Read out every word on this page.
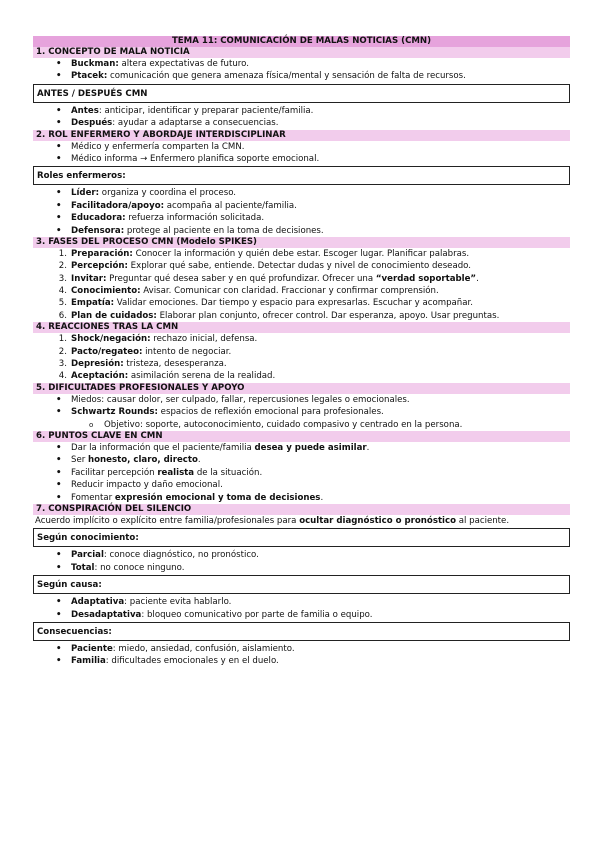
TEMA 11: COMUNICACIÓN DE MALAS NOTICIAS (CMN)
1. CONCEPTO DE MALA NOTICIA
• Buckman: altera expectativas de futuro.
• Ptacek: comunicación que genera amenaza física/mental y sensación de falta de recursos.
ANTES / DESPUÉS CMN
• Antes: anticipar, identificar y preparar paciente/familia.
• Después: ayudar a adaptarse a consecuencias.
2. ROL ENFERMERO Y ABORDAJE INTERDISCIPLINAR
• Médico y enfermería comparten la CMN.
• Médico informa → Enfermero planifica soporte emocional.
Roles enfermeros:
• Líder: organiza y coordina el proceso.
• Facilitadora/apoyo: acompaña al paciente/familia.
• Educadora: refuerza información solicitada.
• Defensora: protege al paciente en la toma de decisiones.
3. FASES DEL PROCESO CMN (Modelo SPIKES)
1. Preparación: Conocer la información y quién debe estar. Escoger lugar. Planificar palabras.
2. Percepción: Explorar qué sabe, entiende. Detectar dudas y nivel de conocimiento deseado.
3. Invitar: Preguntar qué desea saber y en qué profundizar. Ofrecer una “verdad soportable”.
4. Conocimiento: Avisar. Comunicar con claridad. Fraccionar y confirmar comprensión.
5. Empatía: Validar emociones. Dar tiempo y espacio para expresarlas. Escuchar y acompañar.
6. Plan de cuidados: Elaborar plan conjunto, ofrecer control. Dar esperanza, apoyo. Usar preguntas.
4. REACCIONES TRAS LA CMN
1. Shock/negación: rechazo inicial, defensa.
2. Pacto/regateo: intento de negociar.
3. Depresión: tristeza, desesperanza.
4. Aceptación: asimilación serena de la realidad.
5. DIFICULTADES PROFESIONALES Y APOYO
• Miedos: causar dolor, ser culpado, fallar, repercusiones legales o emocionales.
• Schwartz Rounds: espacios de reflexión emocional para profesionales.
o Objetivo: soporte, autoconocimiento, cuidado compasivo y centrado en la persona.
6. PUNTOS CLAVE EN CMN
• Dar la información que el paciente/familia desea y puede asimilar.
• Ser honesto, claro, directo.
• Facilitar percepción realista de la situación.
• Reducir impacto y daño emocional.
• Fomentar expresión emocional y toma de decisiones.
7. CONSPIRACIÓN DEL SILENCIO
Acuerdo implícito o explícito entre familia/profesionales para ocultar diagnóstico o pronóstico al paciente.
Según conocimiento:
• Parcial: conoce diagnóstico, no pronóstico.
• Total: no conoce ninguno.
Según causa:
• Adaptativa: paciente evita hablarlo.
• Desadaptativa: bloqueo comunicativo por parte de familia o equipo.
Consecuencias:
• Paciente: miedo, ansiedad, confusión, aislamiento.
• Familia: dificultades emocionales y en el duelo.
